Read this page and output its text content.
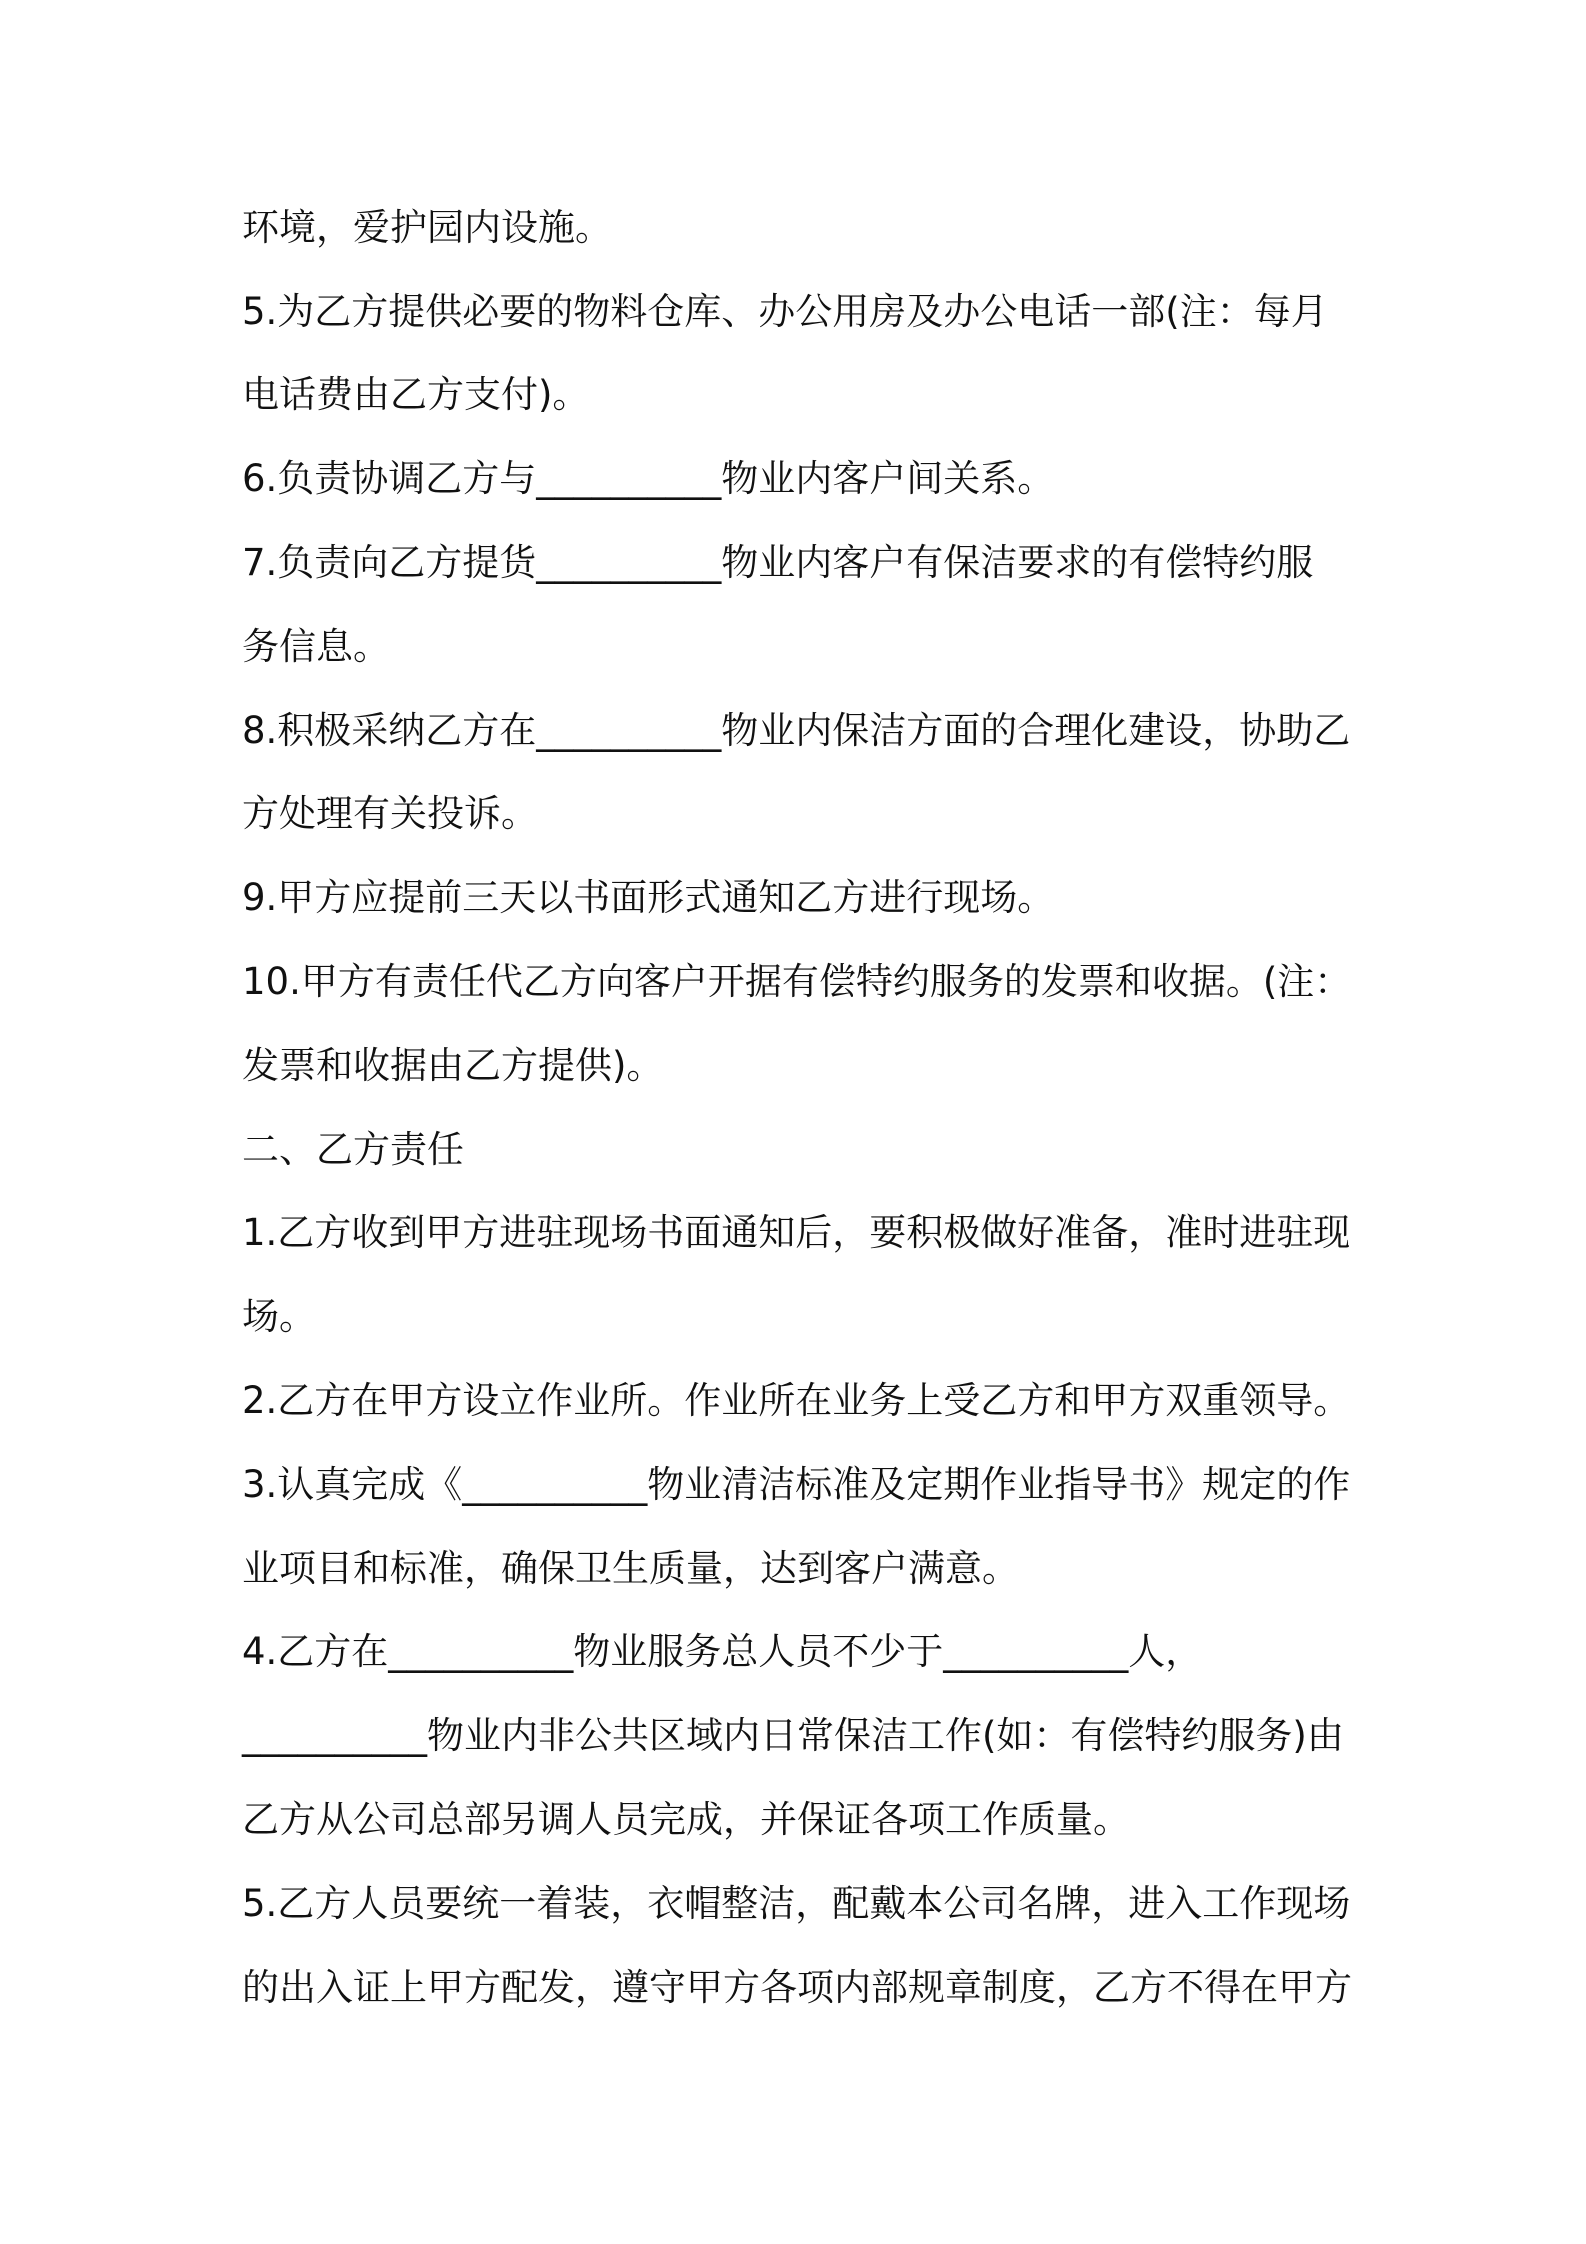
环境，爱护园内设施。
5.为乙方提供必要的物料仓库、办公用房及办公电话一部(注：每月
电话费由乙方支付)。
6.负责协调乙方与__________物业内客户间关系。
7.负责向乙方提货__________物业内客户有保洁要求的有偿特约服
务信息。
8.积极采纳乙方在__________物业内保洁方面的合理化建设，协助乙
方处理有关投诉。
9.甲方应提前三天以书面形式通知乙方进行现场。
10.甲方有责任代乙方向客户开据有偿特约服务的发票和收据。(注：
发票和收据由乙方提供)。
二、乙方责任
1.乙方收到甲方进驻现场书面通知后，要积极做好准备，准时进驻现
场。
2.乙方在甲方设立作业所。作业所在业务上受乙方和甲方双重领导。
3.认真完成《__________物业清洁标准及定期作业指导书》规定的作
业项目和标准，确保卫生质量，达到客户满意。
4.乙方在__________物业服务总人员不少于__________人，
__________物业内非公共区域内日常保洁工作(如：有偿特约服务)由
乙方从公司总部另调人员完成，并保证各项工作质量。
5.乙方人员要统一着装，衣帽整洁，配戴本公司名牌，进入工作现场
的出入证上甲方配发，遵守甲方各项内部规章制度，乙方不得在甲方
